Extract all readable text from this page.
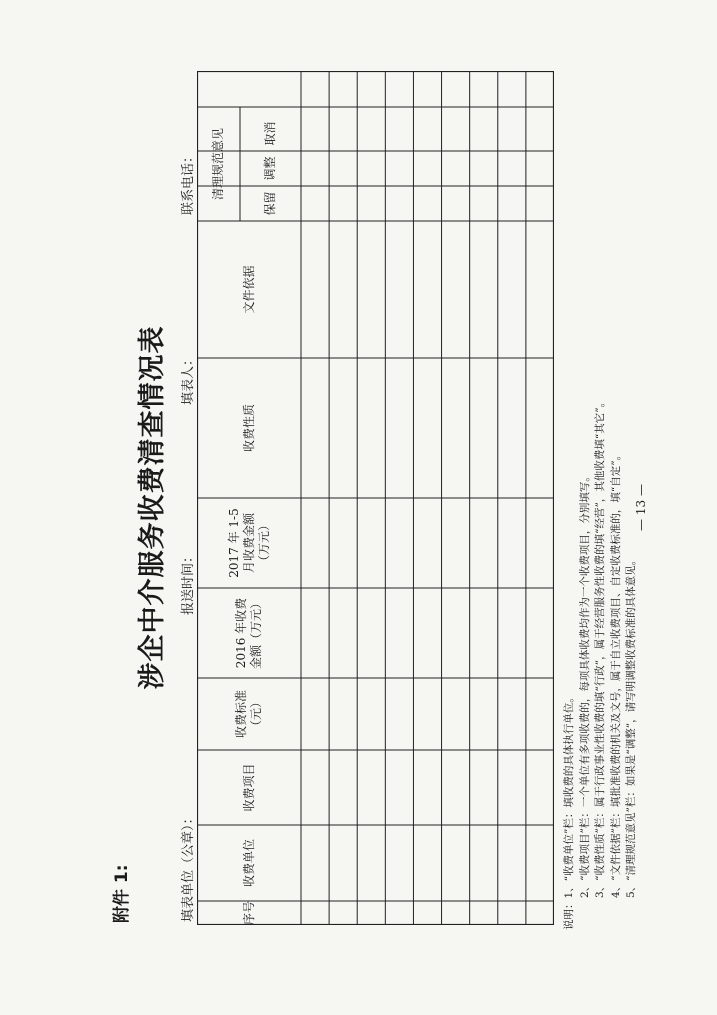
附件 1:
涉企中介服务收费清查情况表
填表单位（公章）：
报送时间：
填表人：
联系电话：
序号
收费单位
收费项目
收费标准（元）
2016 年收费金额（万元）
2017 年 1-5 月收费金额（万元）
收费性质
文件依据
清理规范意见
保留
调整
取消
说明：1、“收费单位”栏：填收费的具体执行单位。 2、“收费项目”栏：一个单位有多项收费的，每项具体收费均作为一个收费项目，分别填写。 3、“收费性质”栏：属于行政事业性收费的填“行政”，属于经营服务性收费的填“经营”，其他收费填“其它”。 4、“文件依据”栏：填批准收费的机关及文号，属于自立收费项目、自定收费标准的，填“自定”。 5、“清理规范意见”栏：如果是“调整”，请写明调整收费标准的具体意见。
— 13 —
